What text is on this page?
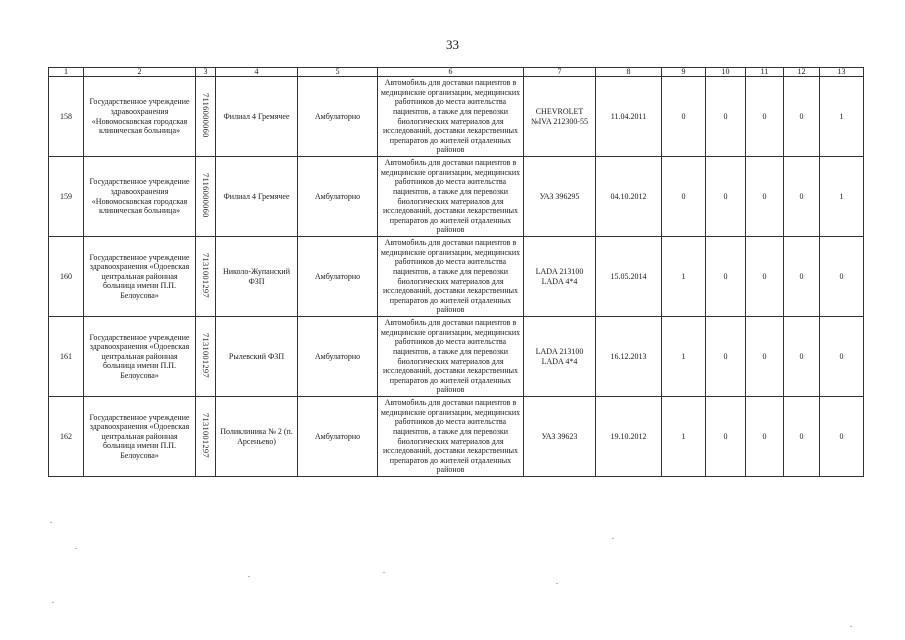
33
1	2	3	4	5	6	7	8	9	10	11	12	13
158	Государственное учреждение здравоохранения «Новомосковская городская клиническая больница»	7116000060	Филиал 4 Гремячее	Амбулаторно	Автомобиль для доставки пациентов в медицинские организации, медицинских работников до места жительства пациентов, а также для перевозки биологических материалов для исследований, доставки лекарственных препаратов до жителей отдаленных районов	CHEVROLET №IVA 212300-55	11.04.2011	0	0	0	0	1
159	Государственное учреждение здравоохранения «Новомосковская городская клиническая больница»	7116000060	Филиал 4 Гремячее	Амбулаторно	Автомобиль для доставки пациентов в медицинские организации, медицинских работников до места жительства пациентов, а также для перевозки биологических материалов для исследований, доставки лекарственных препаратов до жителей отдаленных районов	УАЗ 396295	04.10.2012	0	0	0	0	1
160	Государственное учреждение здравоохранения «Одоевская центральная районная больница имени П.П. Белоусова»	7131001297	Николо-Жупанский ФЗП	Амбулаторно	Автомобиль для доставки пациентов в медицинские организации, медицинских работников до места жительства пациентов, а также для перевозки биологических материалов для исследований, доставки лекарственных препаратов до жителей отдаленных районов	LADA 213100 LADA 4*4	15.05.2014	1	0	0	0	0
161	Государственное учреждение здравоохранения «Одоевская центральная районная больница имени П.П. Белоусова»	7131001297	Рылевский ФЗП	Амбулаторно	Автомобиль для доставки пациентов в медицинские организации, медицинских работников до места жительства пациентов, а также для перевозки биологических материалов для исследований, доставки лекарственных препаратов до жителей отдаленных районов	LADA 213100 LADA 4*4	16.12.2013	1	0	0	0	0
162	Государственное учреждение здравоохранения «Одоевская центральная районная больница имени П.П. Белоусова»	7131001297	Поликлиника № 2 (п. Арсеньево)	Амбулаторно	Автомобиль для доставки пациентов в медицинские организации, медицинских работников до места жительства пациентов, а также для перевозки биологических материалов для исследований, доставки лекарственных препаратов до жителей отдаленных районов	УАЗ 39623	19.10.2012	1	0	0	0	0
